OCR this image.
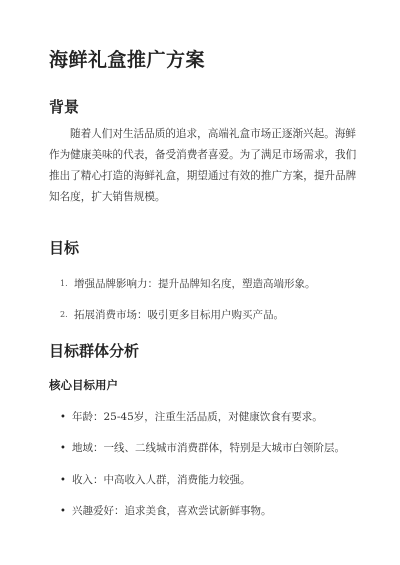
海鲜礼盒推广方案
背景
随着人们对生活品质的追求，高端礼盒市场正逐渐兴起。海鲜
作为健康美味的代表，备受消费者喜爱。为了满足市场需求，我们
推出了精心打造的海鲜礼盒，期望通过有效的推广方案，提升品牌
知名度，扩大销售规模。
目标
1. 增强品牌影响力：提升品牌知名度，塑造高端形象。
2. 拓展消费市场：吸引更多目标用户购买产品。
目标群体分析
核心目标用户
• 年龄：25-45岁，注重生活品质，对健康饮食有要求。
• 地域：一线、二线城市消费群体，特别是大城市白领阶层。
• 收入：中高收入人群，消费能力较强。
• 兴趣爱好：追求美食，喜欢尝试新鲜事物。
